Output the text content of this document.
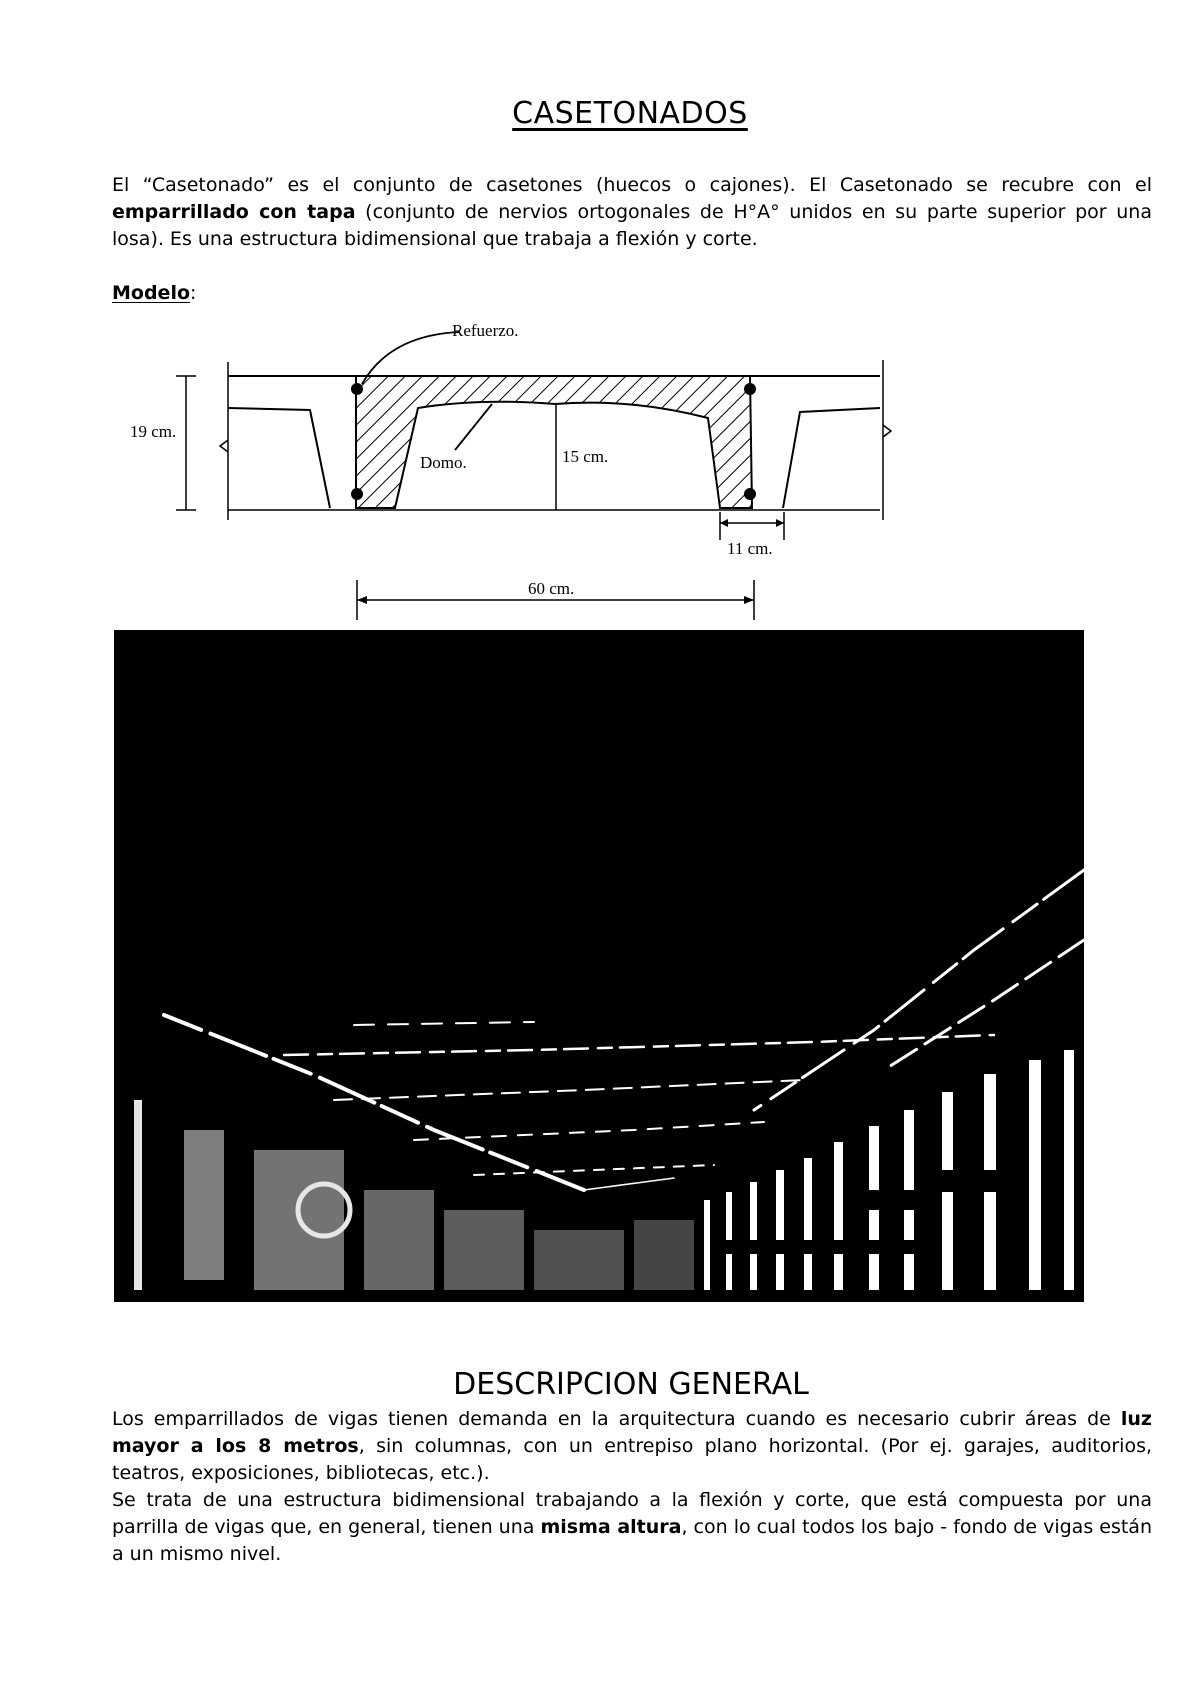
CASETONADOS

El “Casetonado” es el conjunto de casetones (huecos o cajones). El Casetonado se recubre con el emparrillado con tapa (conjunto de nervios ortogonales de H°A° unidos en su parte superior por una losa). Es una estructura bidimensional que trabaja a flexión y corte.

Modelo:
Refuerzo.
Domo.
19 cm.
15 cm.
11 cm.
60 cm.
DESCRIPCION GENERAL

Los emparrillados de vigas tienen demanda en la arquitectura cuando es necesario cubrir áreas de luz mayor a los 8 metros, sin columnas, con un entrepiso plano horizontal. (Por ej. garajes, auditorios, teatros, exposiciones, bibliotecas, etc.).

Se trata de una estructura bidimensional trabajando a la flexión y corte, que está compuesta por una parrilla de vigas que, en general, tienen una misma altura, con lo cual todos los bajo - fondo de vigas están a un mismo nivel.
